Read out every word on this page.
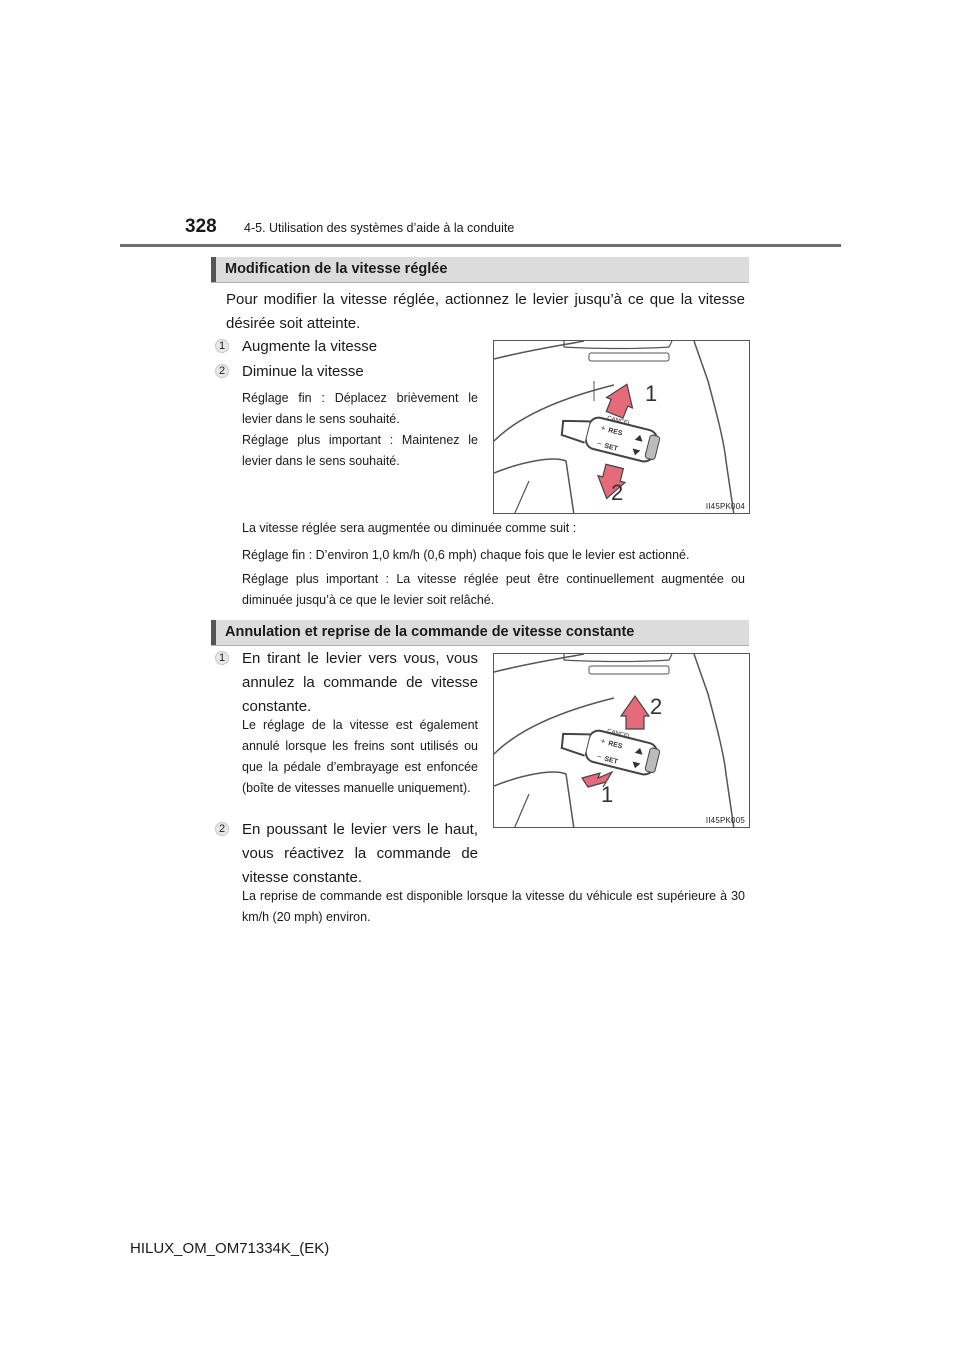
328 4-5. Utilisation des systèmes d’aide à la conduite
Modification de la vitesse réglée
Pour modifier la vitesse réglée, actionnez le levier jusqu’à ce que la vitesse désirée soit atteinte.
1 Augmente la vitesse
2 Diminue la vitesse
Réglage fin : Déplacez brièvement le levier dans le sens souhaité.
Réglage plus important : Maintenez le levier dans le sens souhaité.
CANCEL
+ RES
− SET
1
2
II45PK004
La vitesse réglée sera augmentée ou diminuée comme suit :
Réglage fin : D’environ 1,0 km/h (0,6 mph) chaque fois que le levier est actionné.
Réglage plus important : La vitesse réglée peut être continuellement augmentée ou diminuée jusqu’à ce que le levier soit relâché.
Annulation et reprise de la commande de vitesse constante
1 En tirant le levier vers vous, vous annulez la commande de vitesse constante.
Le réglage de la vitesse est également annulé lorsque les freins sont utilisés ou que la pédale d’embrayage est enfoncée (boîte de vitesses manuelle uniquement).
2 En poussant le levier vers le haut, vous réactivez la commande de vitesse constante.
CANCEL
+ RES
− SET
2
1
II45PK005
La reprise de commande est disponible lorsque la vitesse du véhicule est supérieure à 30 km/h (20 mph) environ.
HILUX_OM_OM71334K_(EK)
